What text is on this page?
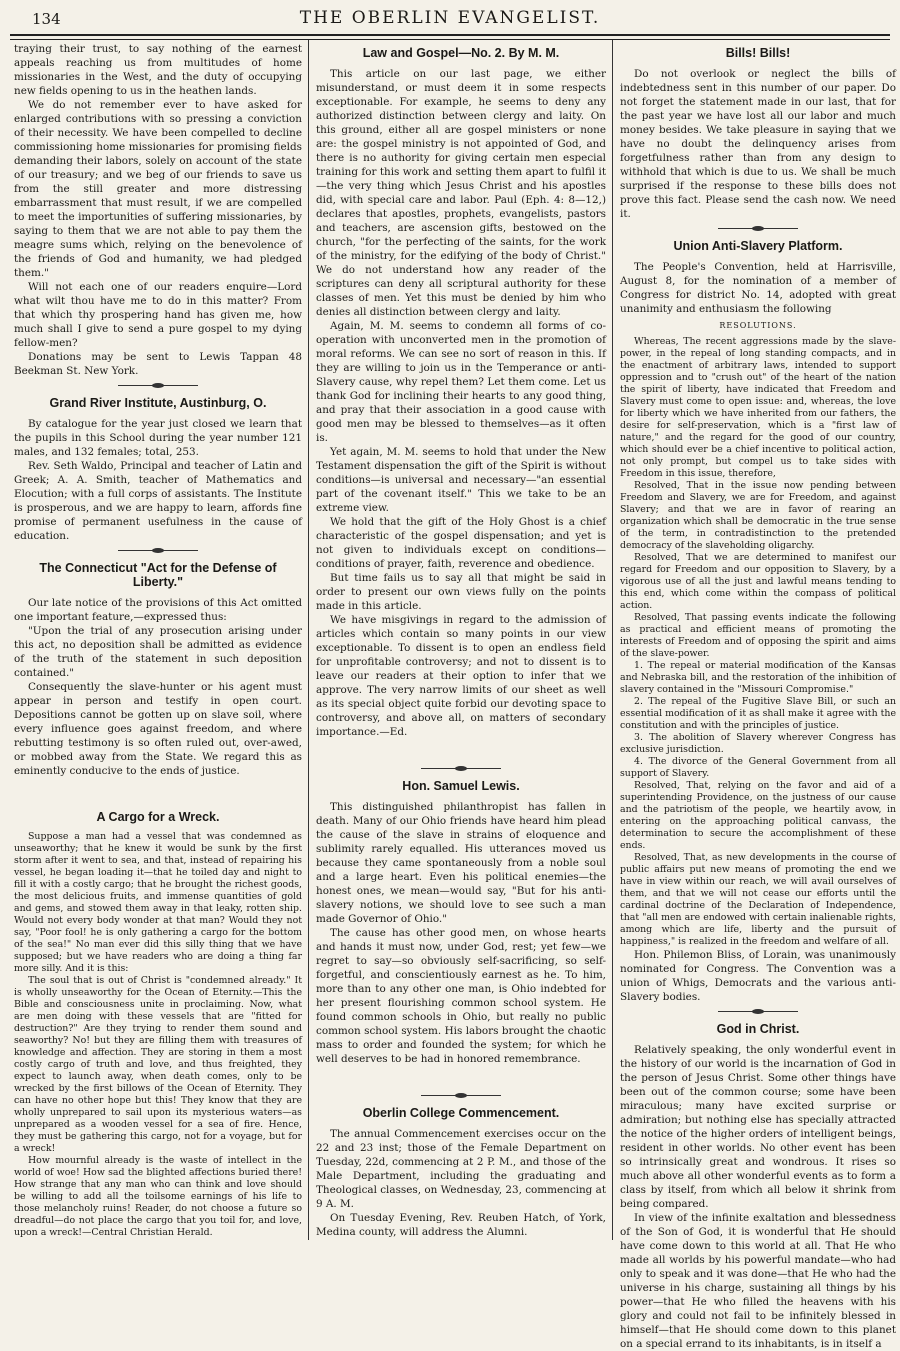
134	THE OBERLIN EVANGELIST.

traying their trust, to say nothing of the earnest appeals reaching us from multitudes of home missionaries in the West, and the duty of occupying new fields opening to us in the heathen lands.

We do not remember ever to have asked for enlarged contributions with so pressing a conviction of their necessity. We have been compelled to decline commissioning home missionaries for promising fields demanding their labors, solely on account of the state of our treasury; and we beg of our friends to save us from the still greater and more distressing embarrassment that must result, if we are compelled to meet the importunities of suffering missionaries, by saying to them that we are not able to pay them the meagre sums which, relying on the benevolence of the friends of God and humanity, we had pledged them."

Will not each one of our readers enquire—Lord what wilt thou have me to do in this matter? From that which thy prospering hand has given me, how much shall I give to send a pure gospel to my dying fellow-men?

Donations may be sent to Lewis Tappan 48 Beekman St. New York.

Grand River Institute, Austinburg, O.

By catalogue for the year just closed we learn that the pupils in this School during the year number 121 males, and 132 females; total, 253.

Rev. Seth Waldo, Principal and teacher of Latin and Greek; A. A. Smith, teacher of Mathematics and Elocution; with a full corps of assistants. The Institute is prosperous, and we are happy to learn, affords fine promise of permanent usefulness in the cause of education.

The Connecticut "Act for the Defense of Liberty."

Our late notice of the provisions of this Act omitted one important feature,—expressed thus:

"Upon the trial of any prosecution arising under this act, no deposition shall be admitted as evidence of the truth of the statement in such deposition contained."

Consequently the slave-hunter or his agent must appear in person and testify in open court. Depositions cannot be gotten up on slave soil, where every influence goes against freedom, and where rebutting testimony is so often ruled out, over-awed, or mobbed away from the State. We regard this as eminently conducive to the ends of justice.

A Cargo for a Wreck.

Suppose a man had a vessel that was condemned as unseaworthy; that he knew it would be sunk by the first storm after it went to sea, and that, instead of repairing his vessel, he began loading it—that he toiled day and night to fill it with a costly cargo; that he brought the richest goods, the most delicious fruits, and immense quantities of gold and gems, and stowed them away in that leaky, rotten ship. Would not every body wonder at that man? Would they not say, "Poor fool! he is only gathering a cargo for the bottom of the sea!" No man ever did this silly thing that we have supposed; but we have readers who are doing a thing far more silly. And it is this:

The soul that is out of Christ is "condemned already." It is wholly unseaworthy for the Ocean of Eternity.—This the Bible and consciousness unite in proclaiming. Now, what are men doing with these vessels that are "fitted for destruction?" Are they trying to render them sound and seaworthy? No! but they are filling them with treasures of knowledge and affection. They are storing in them a most costly cargo of truth and love, and thus freighted, they expect to launch away, when death comes, only to be wrecked by the first billows of the Ocean of Eternity. They can have no other hope but this! They know that they are wholly unprepared to sail upon its mysterious waters—as unprepared as a wooden vessel for a sea of fire. Hence, they must be gathering this cargo, not for a voyage, but for a wreck!

How mournful already is the waste of intellect in the world of woe! How sad the blighted affections buried there! How strange that any man who can think and love should be willing to add all the toilsome earnings of his life to those melancholy ruins! Reader, do not choose a future so dreadful—do not place the cargo that you toil for, and love, upon a wreck!—Central Christian Herald.

Law and Gospel—No. 2. By M. M.

This article on our last page, we either misunderstand, or must deem it in some respects exceptionable. For example, he seems to deny any authorized distinction between clergy and laity. On this ground, either all are gospel ministers or none are: the gospel ministry is not appointed of God, and there is no authority for giving certain men especial training for this work and setting them apart to fulfil it—the very thing which Jesus Christ and his apostles did, with special care and labor. Paul (Eph. 4: 8—12,) declares that apostles, prophets, evangelists, pastors and teachers, are ascension gifts, bestowed on the church, "for the perfecting of the saints, for the work of the ministry, for the edifying of the body of Christ." We do not understand how any reader of the scriptures can deny all scriptural authority for these classes of men. Yet this must be denied by him who denies all distinction between clergy and laity.

Again, M. M. seems to condemn all forms of co-operation with unconverted men in the promotion of moral reforms. We can see no sort of reason in this. If they are willing to join us in the Temperance or anti-Slavery cause, why repel them? Let them come. Let us thank God for inclining their hearts to any good thing, and pray that their association in a good cause with good men may be blessed to themselves—as it often is.

Yet again, M. M. seems to hold that under the New Testament dispensation the gift of the Spirit is without conditions—is universal and necessary—"an essential part of the covenant itself." This we take to be an extreme view.

We hold that the gift of the Holy Ghost is a chief characteristic of the gospel dispensation; and yet is not given to individuals except on conditions—conditions of prayer, faith, reverence and obedience.

But time fails us to say all that might be said in order to present our own views fully on the points made in this article.

We have misgivings in regard to the admission of articles which contain so many points in our view exceptionable. To dissent is to open an endless field for unprofitable controversy; and not to dissent is to leave our readers at their option to infer that we approve. The very narrow limits of our sheet as well as its special object quite forbid our devoting space to controversy, and above all, on matters of secondary importance.—Ed.

Hon. Samuel Lewis.

This distinguished philanthropist has fallen in death. Many of our Ohio friends have heard him plead the cause of the slave in strains of eloquence and sublimity rarely equalled. His utterances moved us because they came spontaneously from a noble soul and a large heart. Even his political enemies—the honest ones, we mean—would say, "But for his anti-slavery notions, we should love to see such a man made Governor of Ohio."

The cause has other good men, on whose hearts and hands it must now, under God, rest; yet few—we regret to say—so obviously self-sacrificing, so self-forgetful, and conscientiously earnest as he. To him, more than to any other one man, is Ohio indebted for her present flourishing common school system. He found common schools in Ohio, but really no public common school system. His labors brought the chaotic mass to order and founded the system; for which he well deserves to be had in honored remembrance.

Oberlin College Commencement.

The annual Commencement exercises occur on the 22 and 23 inst; those of the Female Department on Tuesday, 22d, commencing at 2 P. M., and those of the Male Department, including the graduating and Theological classes, on Wednesday, 23, commencing at 9 A. M.

On Tuesday Evening, Rev. Reuben Hatch, of York, Medina county, will address the Alumni.

Bills! Bills!

Do not overlook or neglect the bills of indebtedness sent in this number of our paper. Do not forget the statement made in our last, that for the past year we have lost all our labor and much money besides. We take pleasure in saying that we have no doubt the delinquency arises from forgetfulness rather than from any design to withhold that which is due to us. We shall be much surprised if the response to these bills does not prove this fact. Please send the cash now. We need it.

Union Anti-Slavery Platform.

The People's Convention, held at Harrisville, August 8, for the nomination of a member of Congress for district No. 14, adopted with great unanimity and enthusiasm the following

RESOLUTIONS.

Whereas, The recent aggressions made by the slave-power, in the repeal of long standing compacts, and in the enactment of arbitrary laws, intended to support oppression and to "crush out" of the heart of the nation the spirit of liberty, have indicated that Freedom and Slavery must come to open issue: and, whereas, the love for liberty which we have inherited from our fathers, the desire for self-preservation, which is a "first law of nature," and the regard for the good of our country, which should ever be a chief incentive to political action, not only prompt, but compel us to take sides with Freedom in this issue, therefore,

Resolved, That in the issue now pending between Freedom and Slavery, we are for Freedom, and against Slavery; and that we are in favor of rearing an organization which shall be democratic in the true sense of the term, in contradistinction to the pretended democracy of the slaveholding oligarchy.

Resolved, That we are determined to manifest our regard for Freedom and our opposition to Slavery, by a vigorous use of all the just and lawful means tending to this end, which come within the compass of political action.

Resolved, That passing events indicate the following as practical and efficient means of promoting the interests of Freedom and of opposing the spirit and aims of the slave-power.

1. The repeal or material modification of the Kansas and Nebraska bill, and the restoration of the inhibition of slavery contained in the "Missouri Compromise."

2. The repeal of the Fugitive Slave Bill, or such an essential modification of it as shall make it agree with the constitution and with the principles of justice.

3. The abolition of Slavery wherever Congress has exclusive jurisdiction.

4. The divorce of the General Government from all support of Slavery.

Resolved, That, relying on the favor and aid of a superintending Providence, on the justness of our cause and the patriotism of the people, we heartily avow, in entering on the approaching political canvass, the determination to secure the accomplishment of these ends.

Resolved, That, as new developments in the course of public affairs put new means of promoting the end we have in view within our reach, we will avail ourselves of them, and that we will not cease our efforts until the cardinal doctrine of the Declaration of Independence, that "all men are endowed with certain inalienable rights, among which are life, liberty and the pursuit of happiness," is realized in the freedom and welfare of all.

Hon. Philemon Bliss, of Lorain, was unanimously nominated for Congress. The Convention was a union of Whigs, Democrats and the various anti-Slavery bodies.

God in Christ.

Relatively speaking, the only wonderful event in the history of our world is the incarnation of God in the person of Jesus Christ. Some other things have been out of the common course; some have been miraculous; many have excited surprise or admiration; but nothing else has specially attracted the notice of the higher orders of intelligent beings, resident in other worlds. No other event has been so intrinsically great and wondrous. It rises so much above all other wonderful events as to form a class by itself, from which all below it shrink from being compared.

In view of the infinite exaltation and blessedness of the Son of God, it is wonderful that He should have come down to this world at all. That He who made all worlds by his powerful mandate—who had only to speak and it was done—that He who had the universe in his charge, sustaining all things by his power—that He who filled the heavens with his glory and could not fail to be infinitely blessed in himself—that He should come down to this planet on a special errand to its inhabitants, is in itself a
